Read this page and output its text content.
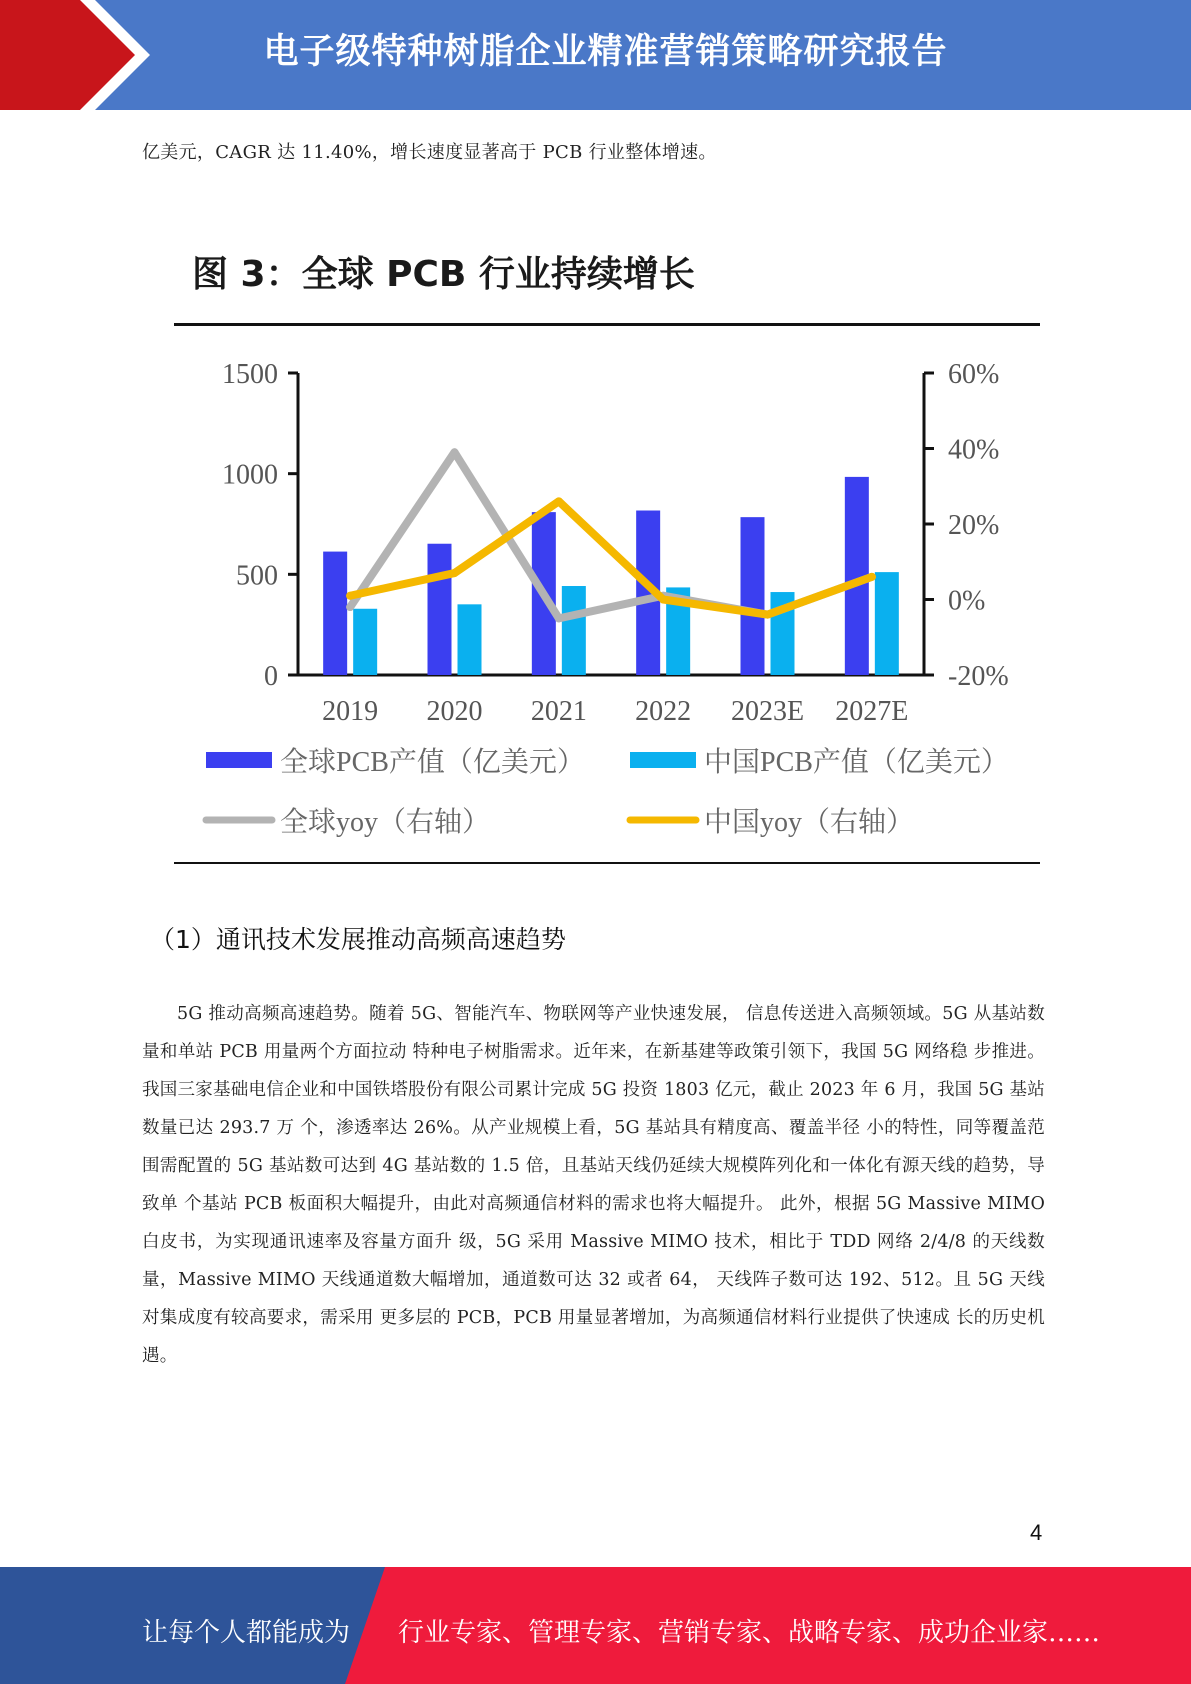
电子级特种树脂企业精准营销策略研究报告
亿美元，CAGR 达 11.40%，增长速度显著高于 PCB 行业整体增速。
图 3：全球 PCB 行业持续增长
0
500
1000
1500
-20%
0%
20%
40%
60%
2019 2020 2021 2022 2023E 2027E
全球PCB产值（亿美元）	中国PCB产值（亿美元）
全球yoy（右轴）	中国yoy（右轴）
（1）通讯技术发展推动高频高速趋势
5G 推动高频高速趋势。随着 5G、智能汽车、物联网等产业快速发展， 信息传送进入高频领域。5G 从基站数量和单站 PCB 用量两个方面拉动 特种电子树脂需求。近年来，在新基建等政策引领下，我国 5G 网络稳 步推进。我国三家基础电信企业和中国铁塔股份有限公司累计完成 5G 投资 1803 亿元，截止 2023 年 6 月，我国 5G 基站数量已达 293.7 万 个，渗透率达 26%。从产业规模上看，5G 基站具有精度高、覆盖半径 小的特性，同等覆盖范围需配置的 5G 基站数可达到 4G 基站数的 1.5 倍，且基站天线仍延续大规模阵列化和一体化有源天线的趋势，导致单 个基站 PCB 板面积大幅提升，由此对高频通信材料的需求也将大幅提升。 此外，根据 5G Massive MIMO 白皮书，为实现通讯速率及容量方面升 级，5G 采用 Massive MIMO 技术，相比于 TDD 网络 2/4/8 的天线数量，Massive MIMO 天线通道数大幅增加，通道数可达 32 或者 64， 天线阵子数可达 192、512。且 5G 天线对集成度有较高要求，需采用 更多层的 PCB，PCB 用量显著增加，为高频通信材料行业提供了快速成 长的历史机遇。
4
让每个人都能成为 行业专家、管理专家、营销专家、战略专家、成功企业家……
